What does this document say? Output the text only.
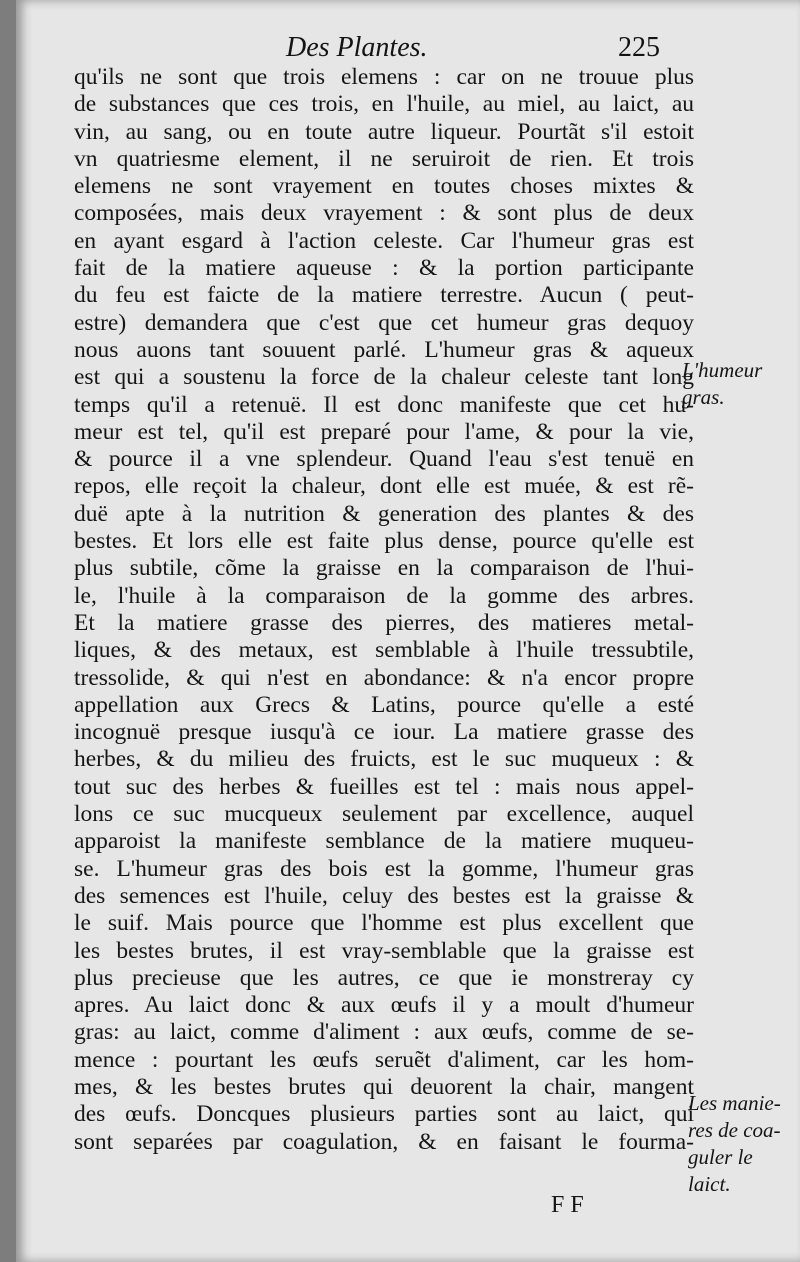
Des Plantes.	225
qu'ils ne sont que trois elemens : car on ne trouue plus
de substances que ces trois, en l'huile, au miel, au laict, au
vin, au sang, ou en toute autre liqueur. Pourtãt s'il estoit
vn quatriesme element, il ne seruiroit de rien. Et trois
elemens ne sont vrayement en toutes choses mixtes &
composées, mais deux vrayement : & sont plus de deux
en ayant esgard à l'action celeste. Car l'humeur gras est
fait de la matiere aqueuse : & la portion participante
du feu est faicte de la matiere terrestre. Aucun ( peut-
estre) demandera que c'est que cet humeur gras dequoy
nous auons tant souuent parlé. L'humeur gras & aqueux
est qui a soustenu la force de la chaleur celeste tant long
temps qu'il a retenuë. Il est donc manifeste que cet hu-
meur est tel, qu'il est preparé pour l'ame, & pour la vie,
& pource il a vne splendeur. Quand l'eau s'est tenuë en
repos, elle reçoit la chaleur, dont elle est muée, & est rẽ-
duë apte à la nutrition & generation des plantes & des
bestes. Et lors elle est faite plus dense, pource qu'elle est
plus subtile, cõme la graisse en la comparaison de l'hui-
le, l'huile à la comparaison de la gomme des arbres.
Et la matiere grasse des pierres, des matieres metal-
liques, & des metaux, est semblable à l'huile tressubtile,
tressolide, & qui n'est en abondance: & n'a encor propre
appellation aux Grecs & Latins, pource qu'elle a esté
incognuë presque iusqu'à ce iour. La matiere grasse des
herbes, & du milieu des fruicts, est le suc muqueux : &
tout suc des herbes & fueilles est tel : mais nous appel-
lons ce suc mucqueux seulement par excellence, auquel
apparoist la manifeste semblance de la matiere muqueu-
se. L'humeur gras des bois est la gomme, l'humeur gras
des semences est l'huile, celuy des bestes est la graisse &
le suif. Mais pource que l'homme est plus excellent que
les bestes brutes, il est vray-semblable que la graisse est
plus precieuse que les autres, ce que ie monstreray cy
apres. Au laict donc & aux œufs il y a moult d'humeur
gras: au laict, comme d'aliment : aux œufs, comme de se-
mence : pourtant les œufs seruẽt d'aliment, car les hom-
mes, & les bestes brutes qui deuorent la chair, mangent
des œufs. Doncques plusieurs parties sont au laict, qui
sont separées par coagulation, & en faisant le fourma-
L'humeur
gras.
Les manie-
res de coa-
guler le
laict.
FF
